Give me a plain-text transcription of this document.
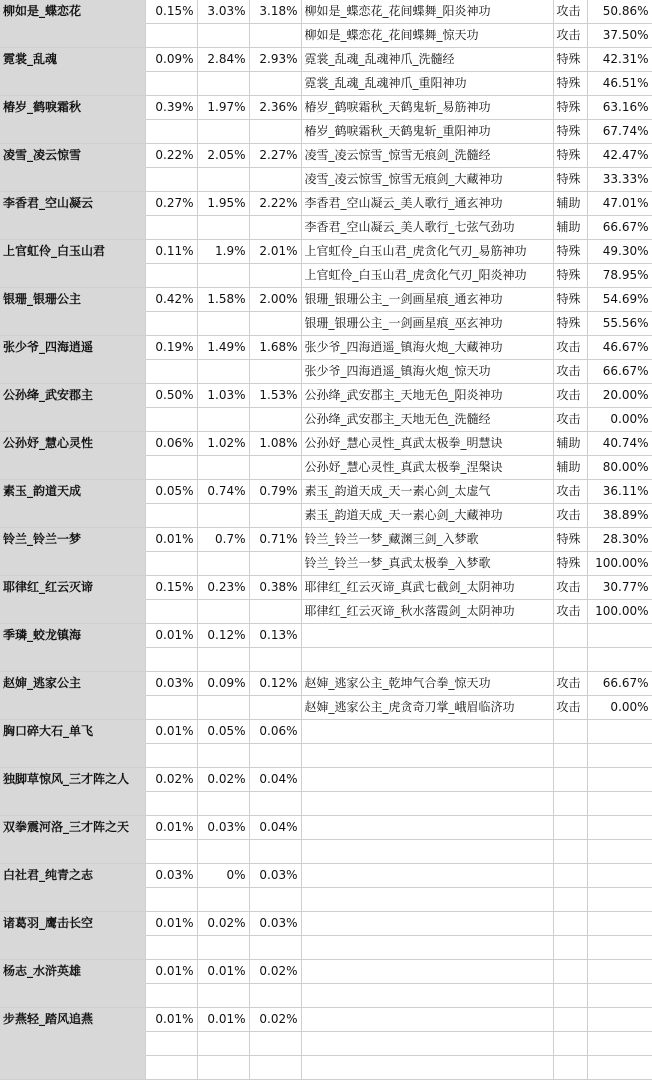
柳如是_蝶恋花	0.15%	3.03%	3.18%	柳如是_蝶恋花_花间蝶舞_阳炎神功	攻击	50.86%
				柳如是_蝶恋花_花间蝶舞_惊天功	攻击	37.50%
霓裳_乱魂	0.09%	2.84%	2.93%	霓裳_乱魂_乱魂神爪_洗髓经	特殊	42.31%
				霓裳_乱魂_乱魂神爪_重阳神功	特殊	46.51%
椿岁_鹤唳霜秋	0.39%	1.97%	2.36%	椿岁_鹤唳霜秋_天鹤鬼斩_易筋神功	特殊	63.16%
				椿岁_鹤唳霜秋_天鹤鬼斩_重阳神功	特殊	67.74%
凌雪_凌云惊雪	0.22%	2.05%	2.27%	凌雪_凌云惊雪_惊雪无痕剑_洗髓经	特殊	42.47%
				凌雪_凌云惊雪_惊雪无痕剑_大藏神功	特殊	33.33%
李香君_空山凝云	0.27%	1.95%	2.22%	李香君_空山凝云_美人歌行_通玄神功	辅助	47.01%
				李香君_空山凝云_美人歌行_七弦气劲功	辅助	66.67%
上官虹伶_白玉山君	0.11%	1.9%	2.01%	上官虹伶_白玉山君_虎贪化气刃_易筋神功	特殊	49.30%
				上官虹伶_白玉山君_虎贪化气刃_阳炎神功	特殊	78.95%
银珊_银珊公主	0.42%	1.58%	2.00%	银珊_银珊公主_一剑画星痕_通玄神功	特殊	54.69%
				银珊_银珊公主_一剑画星痕_巫玄神功	特殊	55.56%
张少爷_四海逍遥	0.19%	1.49%	1.68%	张少爷_四海逍遥_镇海火炮_大藏神功	攻击	46.67%
				张少爷_四海逍遥_镇海火炮_惊天功	攻击	66.67%
公孙绛_武安郡主	0.50%	1.03%	1.53%	公孙绛_武安郡主_天地无色_阳炎神功	攻击	20.00%
				公孙绛_武安郡主_天地无色_洗髓经	攻击	0.00%
公孙妤_慧心灵性	0.06%	1.02%	1.08%	公孙妤_慧心灵性_真武太极拳_明慧诀	辅助	40.74%
				公孙妤_慧心灵性_真武太极拳_涅槃诀	辅助	80.00%
素玉_韵道天成	0.05%	0.74%	0.79%	素玉_韵道天成_天一素心剑_太虚气	攻击	36.11%
				素玉_韵道天成_天一素心剑_大藏神功	攻击	38.89%
铃兰_铃兰一梦	0.01%	0.7%	0.71%	铃兰_铃兰一梦_藏渊三剑_入梦歌	特殊	28.30%
				铃兰_铃兰一梦_真武太极拳_入梦歌	特殊	100.00%
耶律红_红云灭谛	0.15%	0.23%	0.38%	耶律红_红云灭谛_真武七截剑_太阴神功	攻击	30.77%
				耶律红_红云灭谛_秋水落霞剑_太阴神功	攻击	100.00%
季璘_蛟龙镇海	0.01%	0.12%	0.13%			

赵婶_逃家公主	0.03%	0.09%	0.12%	赵婶_逃家公主_乾坤气合拳_惊天功	攻击	66.67%
				赵婶_逃家公主_虎贪奇刀掌_峨眉临济功	攻击	0.00%
胸口碎大石_单飞	0.01%	0.05%	0.06%			

独脚草惊风_三才阵之人	0.02%	0.02%	0.04%			

双拳震河洛_三才阵之天	0.01%	0.03%	0.04%			

白社君_纯青之志	0.03%	0%	0.03%			

诸葛羽_鹰击长空	0.01%	0.02%	0.03%			

杨志_水浒英雄	0.01%	0.01%	0.02%			

步燕轻_踏风追燕	0.01%	0.01%	0.02%			
